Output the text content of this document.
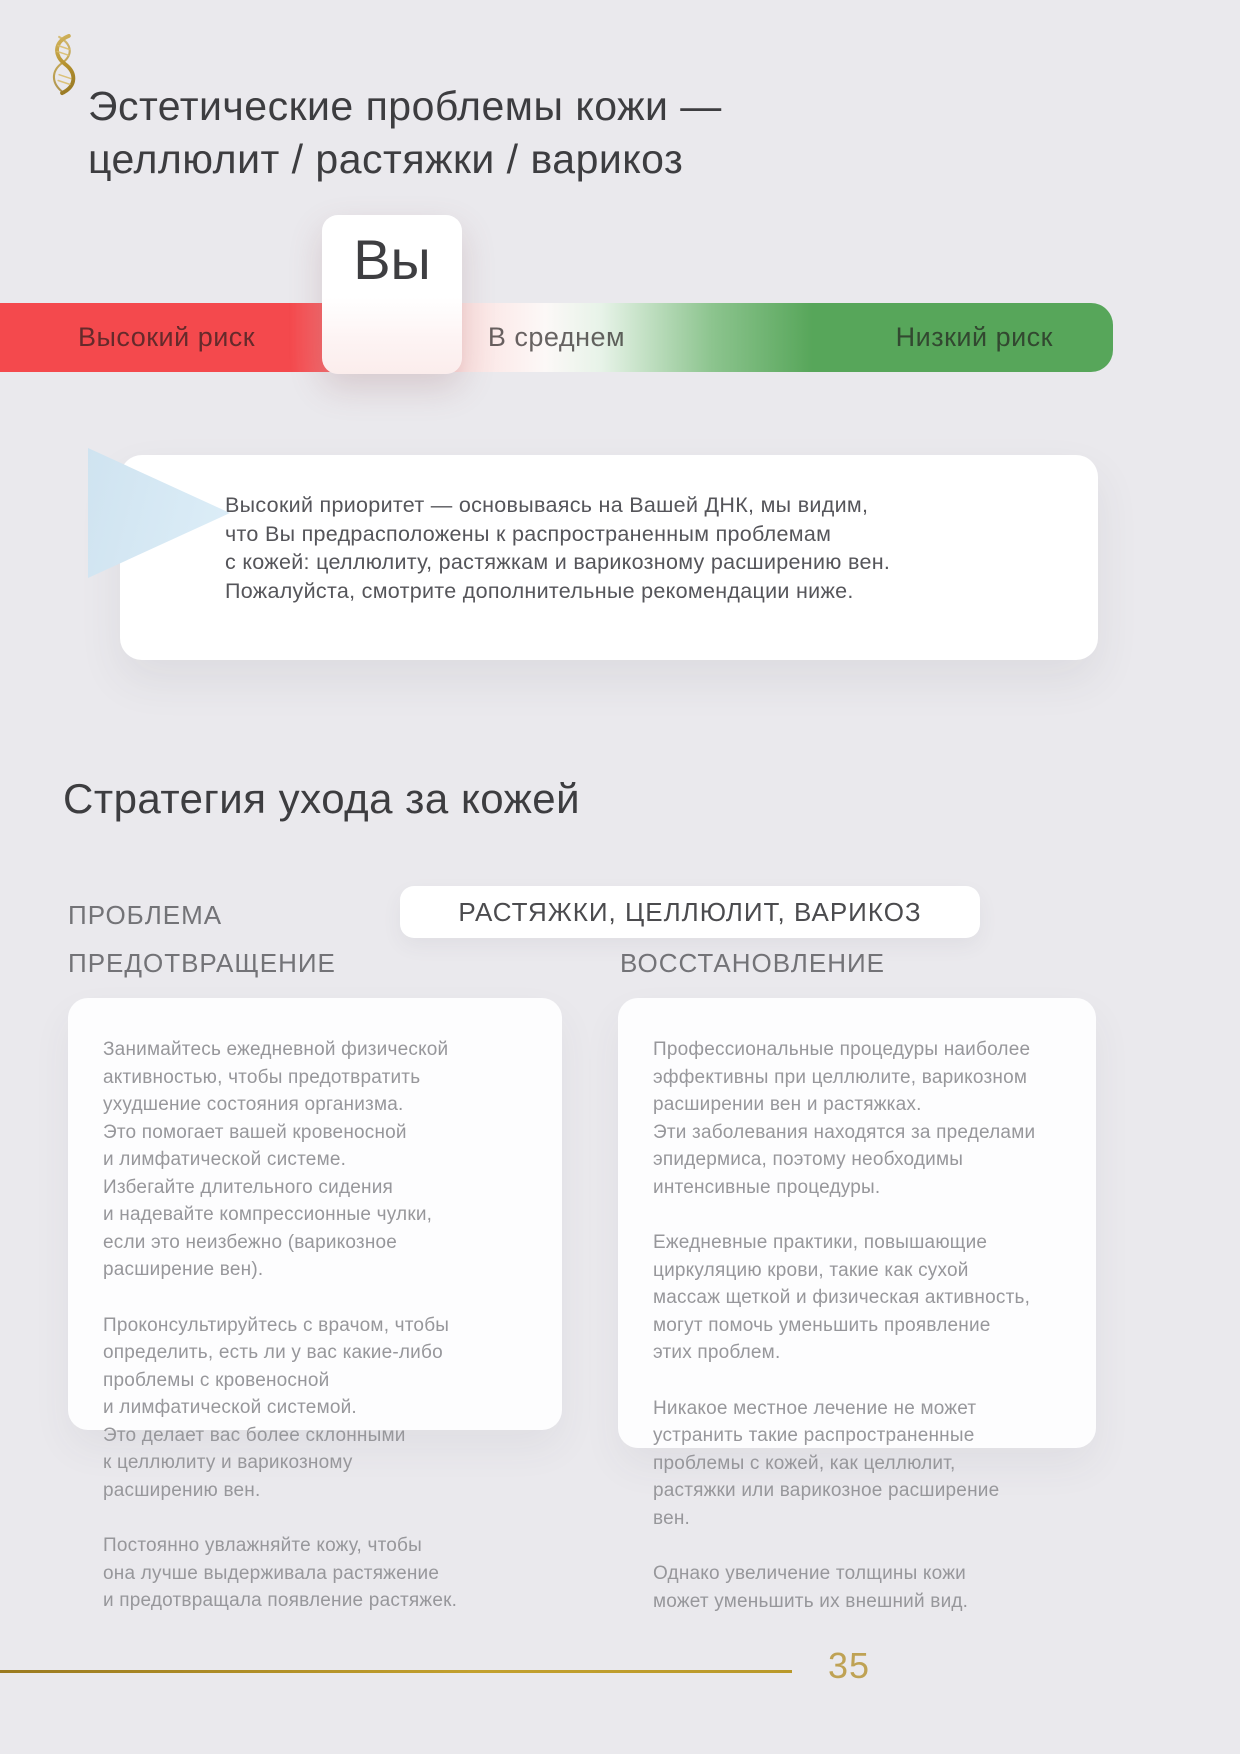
Эстетические проблемы кожи —
целлюлит / растяжки / варикоз
Высокий риск	В среднем	Низкий риск
Вы

Высокий приоритет — основываясь на Вашей ДНК, мы видим,
что Вы предрасположены к распространенным проблемам
с кожей: целлюлиту, растяжкам и варикозному расширению вен.
Пожалуйста, смотрите дополнительные рекомендации ниже.

Стратегия ухода за кожей
ПРОБЛЕМА	РАСТЯЖКИ, ЦЕЛЛЮЛИТ, ВАРИКОЗ
ПРЕДОТВРАЩЕНИЕ	ВОССТАНОВЛЕНИЕ

Занимайтесь ежедневной физической
активностью, чтобы предотвратить
ухудшение состояния организма.
Это помогает вашей кровеносной
и лимфатической системе.
Избегайте длительного сидения
и надевайте компрессионные чулки,
если это неизбежно (варикозное
расширение вен).

Проконсультируйтесь с врачом, чтобы
определить, есть ли у вас какие-либо
проблемы с кровеносной
и лимфатической системой.
Это делает вас более склонными
к целлюлиту и варикозному
расширению вен.

Постоянно увлажняйте кожу, чтобы
она лучше выдерживала растяжение
и предотвращала появление растяжек.

Профессиональные процедуры наиболее
эффективны при целлюлите, варикозном
расширении вен и растяжках.
Эти заболевания находятся за пределами
эпидермиса, поэтому необходимы
интенсивные процедуры.

Ежедневные практики, повышающие
циркуляцию крови, такие как сухой
массаж щеткой и физическая активность,
могут помочь уменьшить проявление
этих проблем.

Никакое местное лечение не может
устранить такие распространенные
проблемы с кожей, как целлюлит,
растяжки или варикозное расширение
вен.

Однако увеличение толщины кожи
может уменьшить их внешний вид.

35
